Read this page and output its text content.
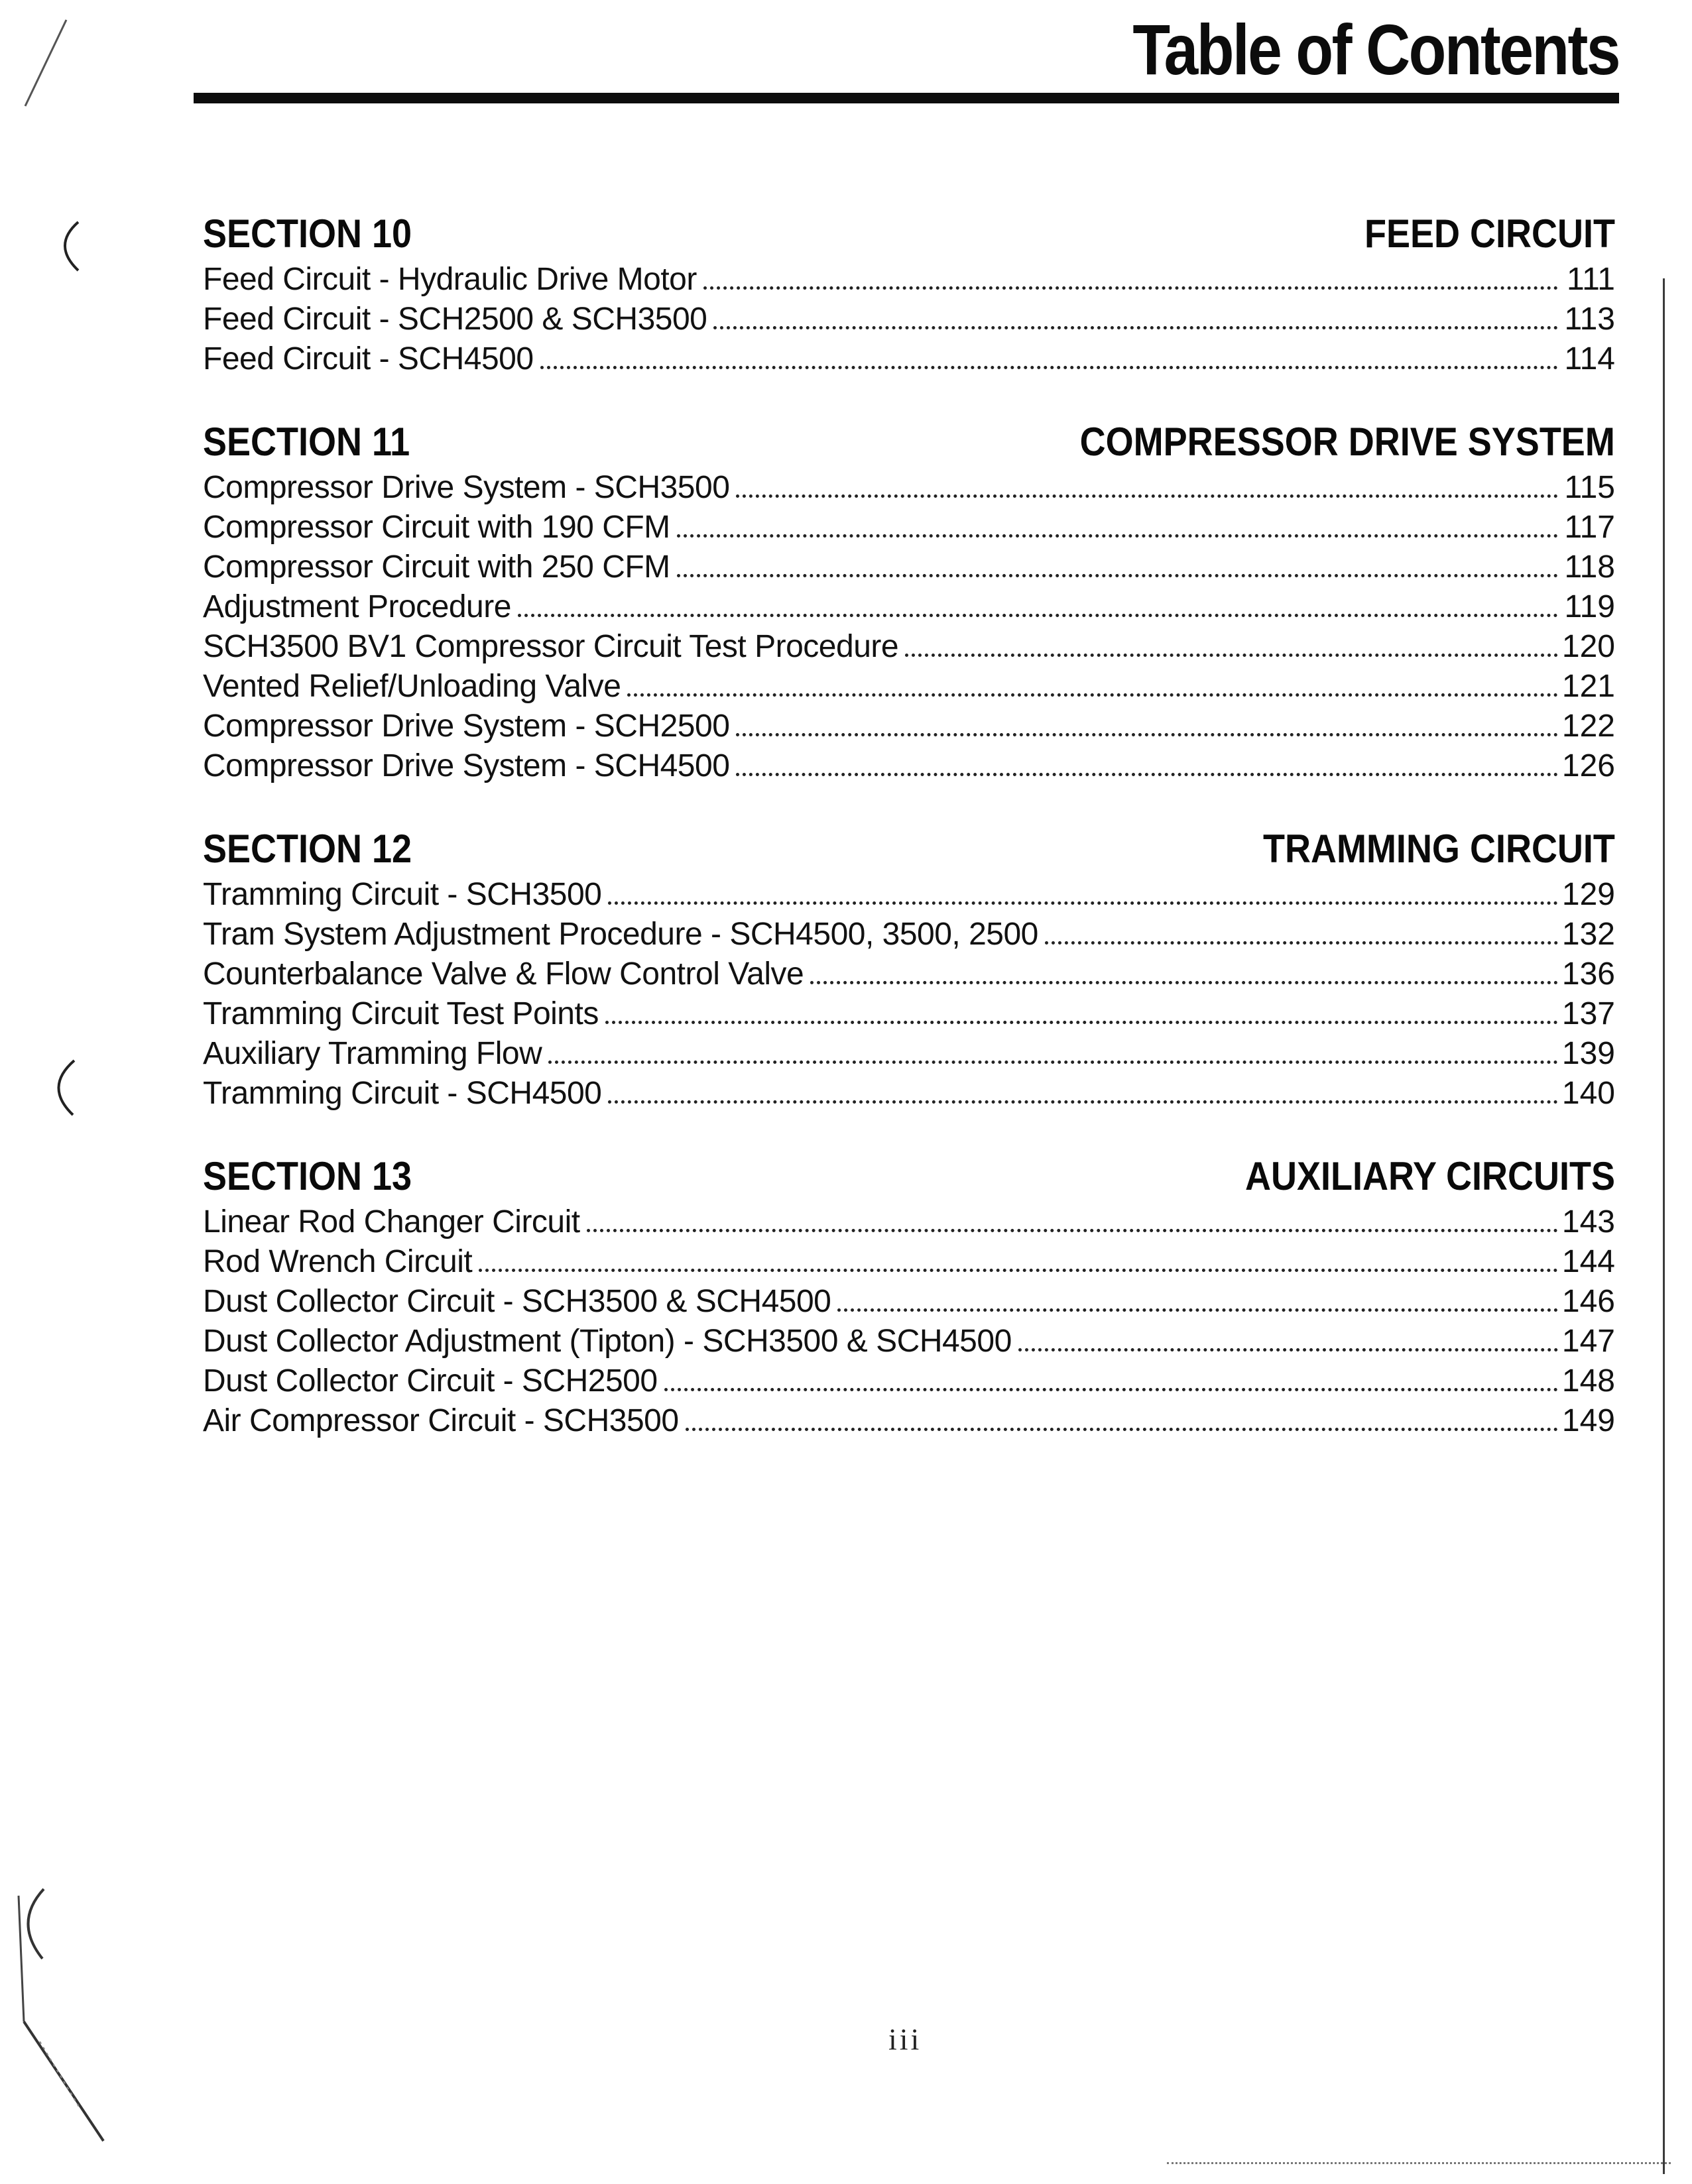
Table of Contents
SECTION 10	FEED CIRCUIT
Feed Circuit - Hydraulic Drive Motor	111
Feed Circuit - SCH2500 & SCH3500	113
Feed Circuit - SCH4500	114
SECTION 11	COMPRESSOR DRIVE SYSTEM
Compressor Drive System - SCH3500	115
Compressor Circuit with 190 CFM	117
Compressor Circuit with 250 CFM	118
Adjustment Procedure	119
SCH3500 BV1 Compressor Circuit Test Procedure	120
Vented Relief/Unloading Valve	121
Compressor Drive System - SCH2500	122
Compressor Drive System - SCH4500	126
SECTION 12	TRAMMING CIRCUIT
Tramming Circuit - SCH3500	129
Tram System Adjustment Procedure - SCH4500, 3500, 2500	132
Counterbalance Valve & Flow Control Valve	136
Tramming Circuit Test Points	137
Auxiliary Tramming Flow	139
Tramming Circuit - SCH4500	140
SECTION 13	AUXILIARY CIRCUITS
Linear Rod Changer Circuit	143
Rod Wrench Circuit	144
Dust Collector Circuit - SCH3500 & SCH4500	146
Dust Collector Adjustment (Tipton) - SCH3500 & SCH4500	147
Dust Collector Circuit - SCH2500	148
Air Compressor Circuit - SCH3500	149
iii
